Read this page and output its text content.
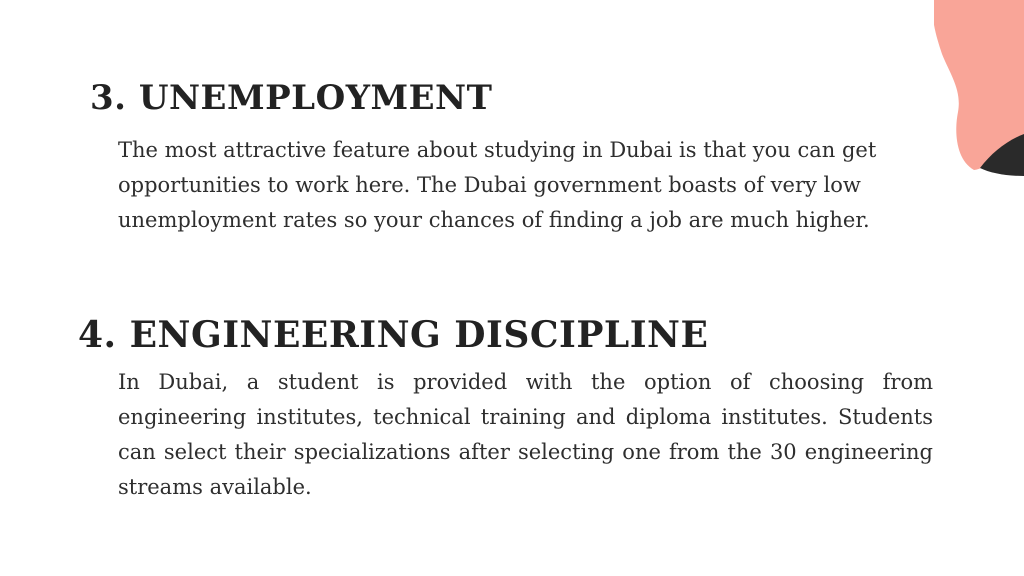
3. UNEMPLOYMENT

The most attractive feature about studying in Dubai is that you can get opportunities to work here. The Dubai government boasts of very low unemployment rates so your chances of finding a job are much higher.

4. ENGINEERING DISCIPLINE

In Dubai, a student is provided with the option of choosing from engineering institutes, technical training and diploma institutes. Students can select their specializations after selecting one from the 30 engineering streams available.
